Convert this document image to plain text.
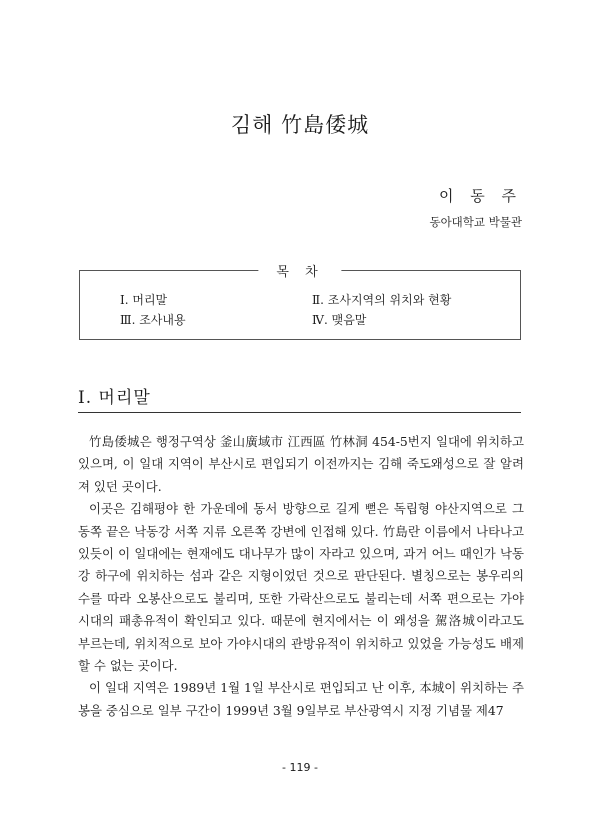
김해 竹島倭城
이 동 주
동아대학교 박물관
목 차
Ⅰ. 머리말	Ⅱ. 조사지역의 위치와 현황
Ⅲ. 조사내용	Ⅳ. 맺음말
Ⅰ. 머리말

竹島倭城은 행정구역상 釜山廣域市 江西區 竹林洞 454-5번지 일대에 위치하고 있으며, 이 일대 지역이 부산시로 편입되기 이전까지는 김해 죽도왜성으로 잘 알려져 있던 곳이다.

이곳은 김해평야 한 가운데에 동서 방향으로 길게 뻗은 독립형 야산지역으로 그 동쪽 끝은 낙동강 서쪽 지류 오른쪽 강변에 인접해 있다. 竹島란 이름에서 나타나고 있듯이 이 일대에는 현재에도 대나무가 많이 자라고 있으며, 과거 어느 때인가 낙동강 하구에 위치하는 섬과 같은 지형이었던 것으로 판단된다. 별칭으로는 봉우리의 수를 따라 오봉산으로도 불리며, 또한 가락산으로도 불리는데 서쪽 편으로는 가야시대의 패총유적이 확인되고 있다. 때문에 현지에서는 이 왜성을 駕洛城이라고도 부르는데, 위치적으로 보아 가야시대의 관방유적이 위치하고 있었을 가능성도 배제할 수 없는 곳이다.

이 일대 지역은 1989년 1월 1일 부산시로 편입되고 난 이후, 本城이 위치하는 주봉을 중심으로 일부 구간이 1999년 3월 9일부로 부산광역시 지정 기념물 제47

- 119 -
